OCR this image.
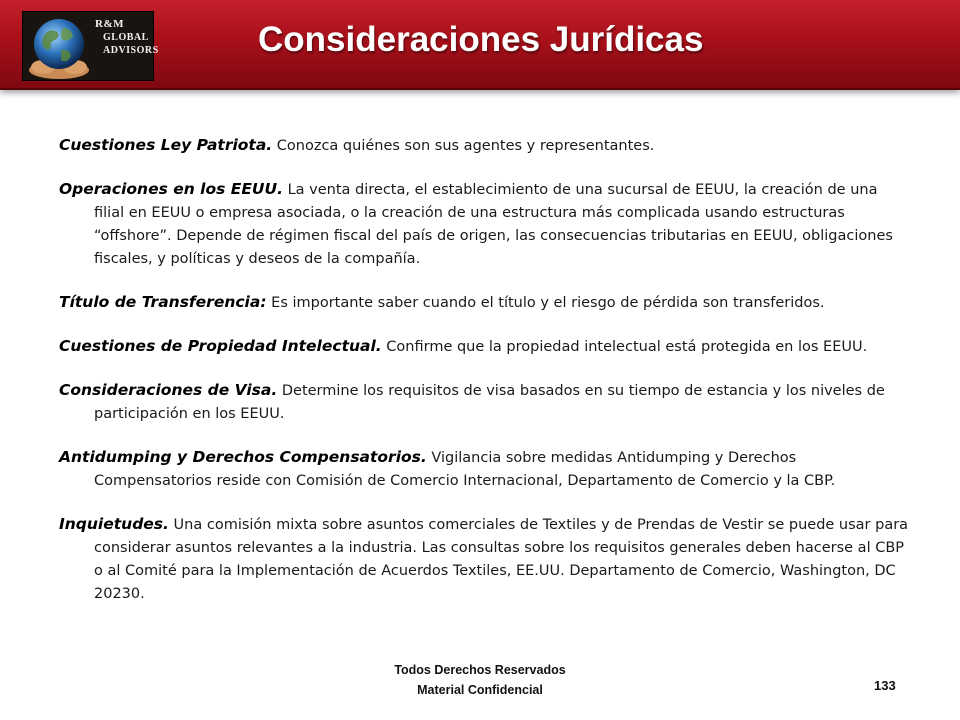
R&M
GLOBAL
ADVISORS	Consideraciones Jurídicas

Cuestiones Ley Patriota. Conozca quiénes son sus agentes y representantes.

Operaciones en los EEUU. La venta directa, el establecimiento de una sucursal de EEUU, la creación de una filial en EEUU o empresa asociada, o la creación de una estructura más complicada usando estructuras “offshore”. Depende de régimen fiscal del país de origen, las consecuencias tributarias en EEUU, obligaciones fiscales, y políticas y deseos de la compañía.

Título de Transferencia: Es importante saber cuando el título y el riesgo de pérdida son transferidos.

Cuestiones de Propiedad Intelectual. Confirme que la propiedad intelectual está protegida en los EEUU.

Consideraciones de Visa. Determine los requisitos de visa basados en su tiempo de estancia y los niveles de participación en los EEUU.

Antidumping y Derechos Compensatorios. Vigilancia sobre medidas Antidumping y Derechos Compensatorios reside con Comisión de Comercio Internacional, Departamento de Comercio y la CBP.

Inquietudes. Una comisión mixta sobre asuntos comerciales de Textiles y de Prendas de Vestir se puede usar para considerar asuntos relevantes a la industria. Las consultas sobre los requisitos generales deben hacerse al CBP o al Comité para la Implementación de Acuerdos Textiles, EE.UU. Departamento de Comercio, Washington, DC 20230.

Todos Derechos Reservados
Material Confidencial	133
